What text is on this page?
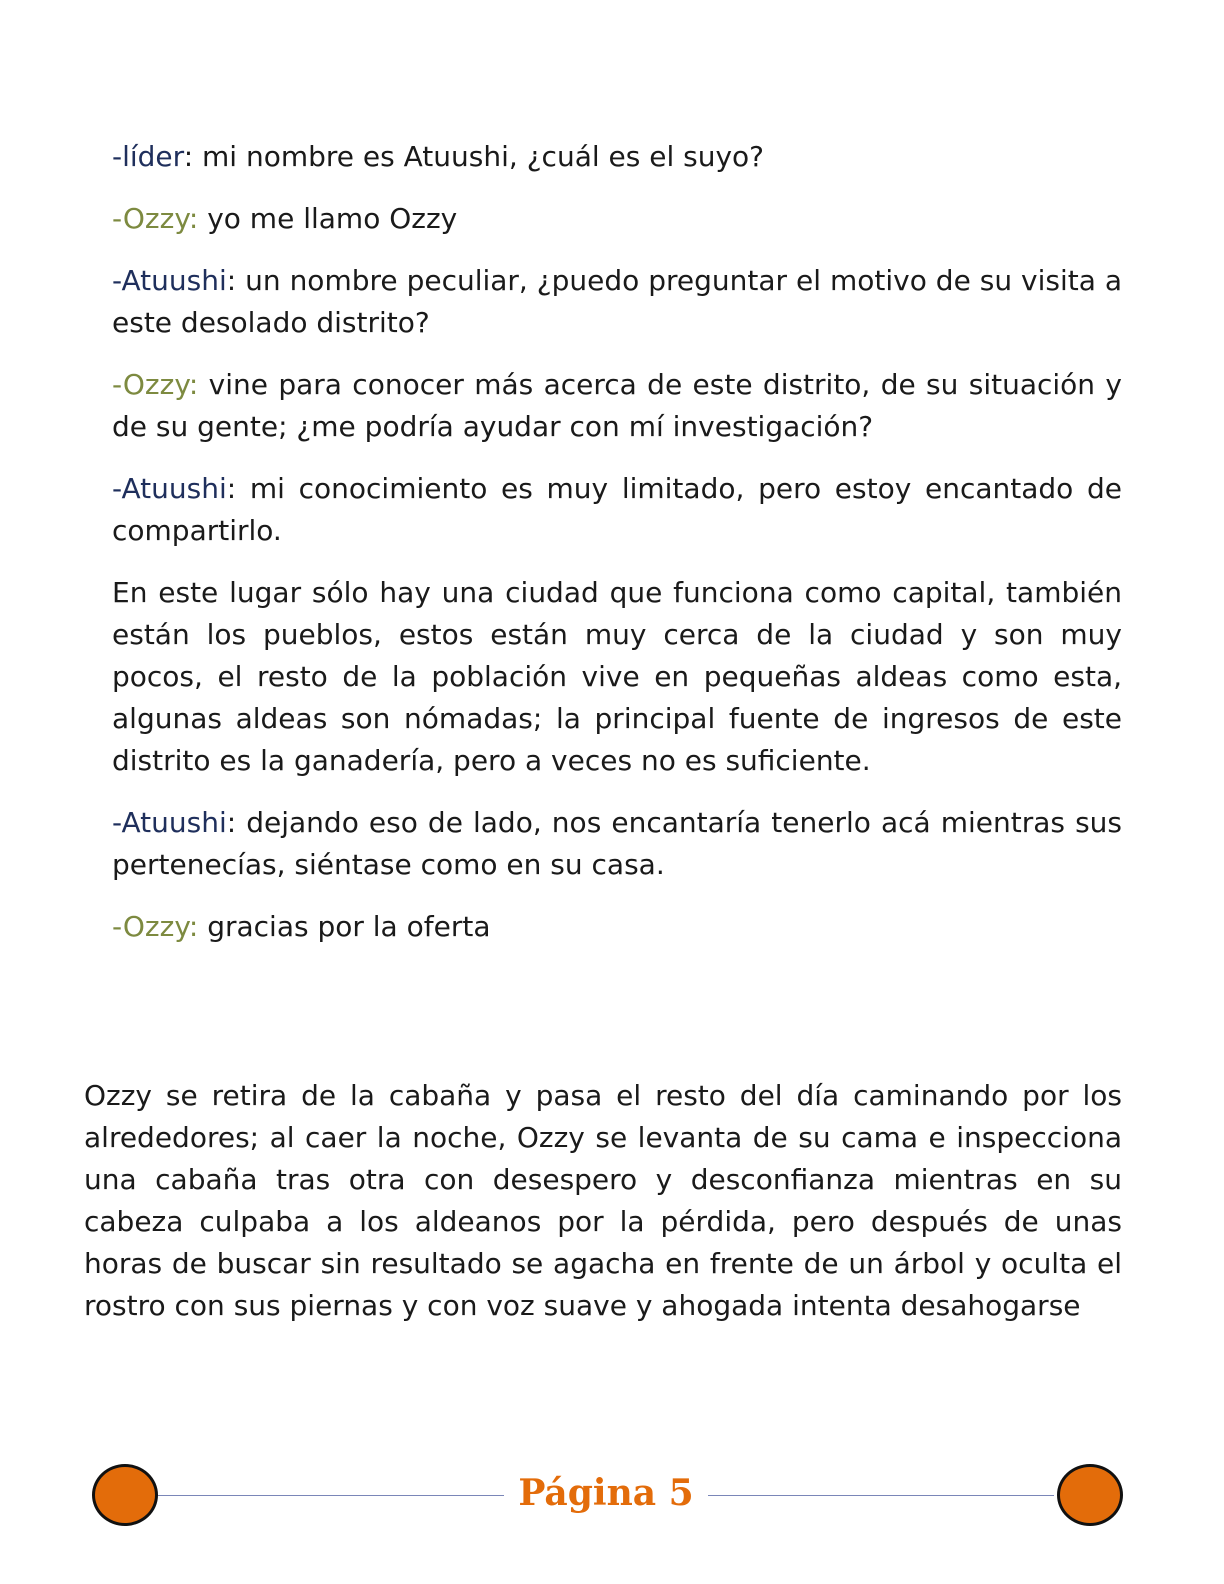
-líder: mi nombre es Atuushi, ¿cuál es el suyo?

-Ozzy: yo me llamo Ozzy

-Atuushi: un nombre peculiar, ¿puedo preguntar el motivo de su visita a este desolado distrito?

-Ozzy: vine para conocer más acerca de este distrito, de su situación y de su gente; ¿me podría ayudar con mí investigación?

-Atuushi: mi conocimiento es muy limitado, pero estoy encantado de compartirlo.

En este lugar sólo hay una ciudad que funciona como capital, también están los pueblos, estos están muy cerca de la ciudad y son muy pocos, el resto de la población vive en pequeñas aldeas como esta, algunas aldeas son nómadas; la principal fuente de ingresos de este distrito es la ganadería, pero a veces no es suficiente.

-Atuushi: dejando eso de lado, nos encantaría tenerlo acá mientras sus pertenecías, siéntase como en su casa.

-Ozzy: gracias por la oferta

Ozzy se retira de la cabaña y pasa el resto del día caminando por los alrededores; al caer la noche, Ozzy se levanta de su cama e inspecciona una cabaña tras otra con desespero y desconfianza mientras en su cabeza culpaba a los aldeanos por la pérdida, pero después de unas horas de buscar sin resultado se agacha en frente de un árbol y oculta el rostro con sus piernas y con voz suave y ahogada intenta desahogarse

Página 5
